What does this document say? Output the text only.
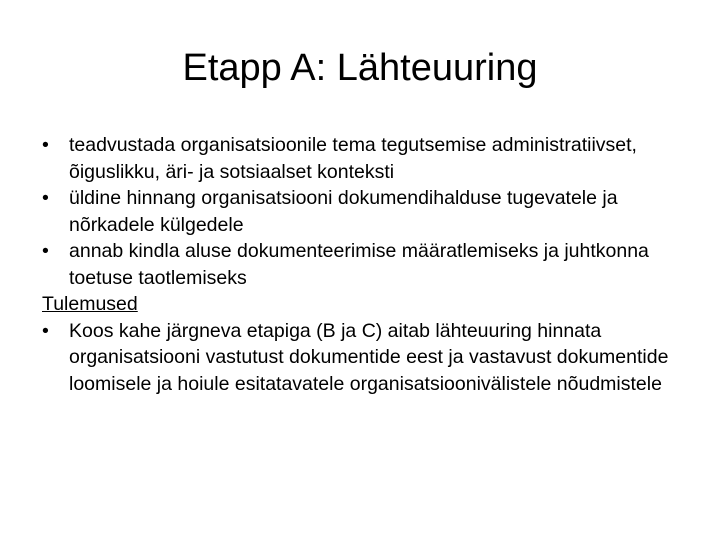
Etapp A: Lähteuuring
•
teadvustada organisatsioonile tema tegutsemise administratiivset, õiguslikku, äri- ja sotsiaalset konteksti
•
üldine hinnang organisatsiooni dokumendihalduse tugevatele ja nõrkadele külgedele
•
annab kindla aluse dokumenteerimise määratlemiseks ja juhtkonna toetuse taotlemiseks
Tulemused
•
Koos kahe järgneva etapiga (B ja C) aitab lähteuuring hinnata organisatsiooni vastutust dokumentide eest ja vastavust dokumentide loomisele ja hoiule esitatavatele organisatsioonivälistele nõudmistele
